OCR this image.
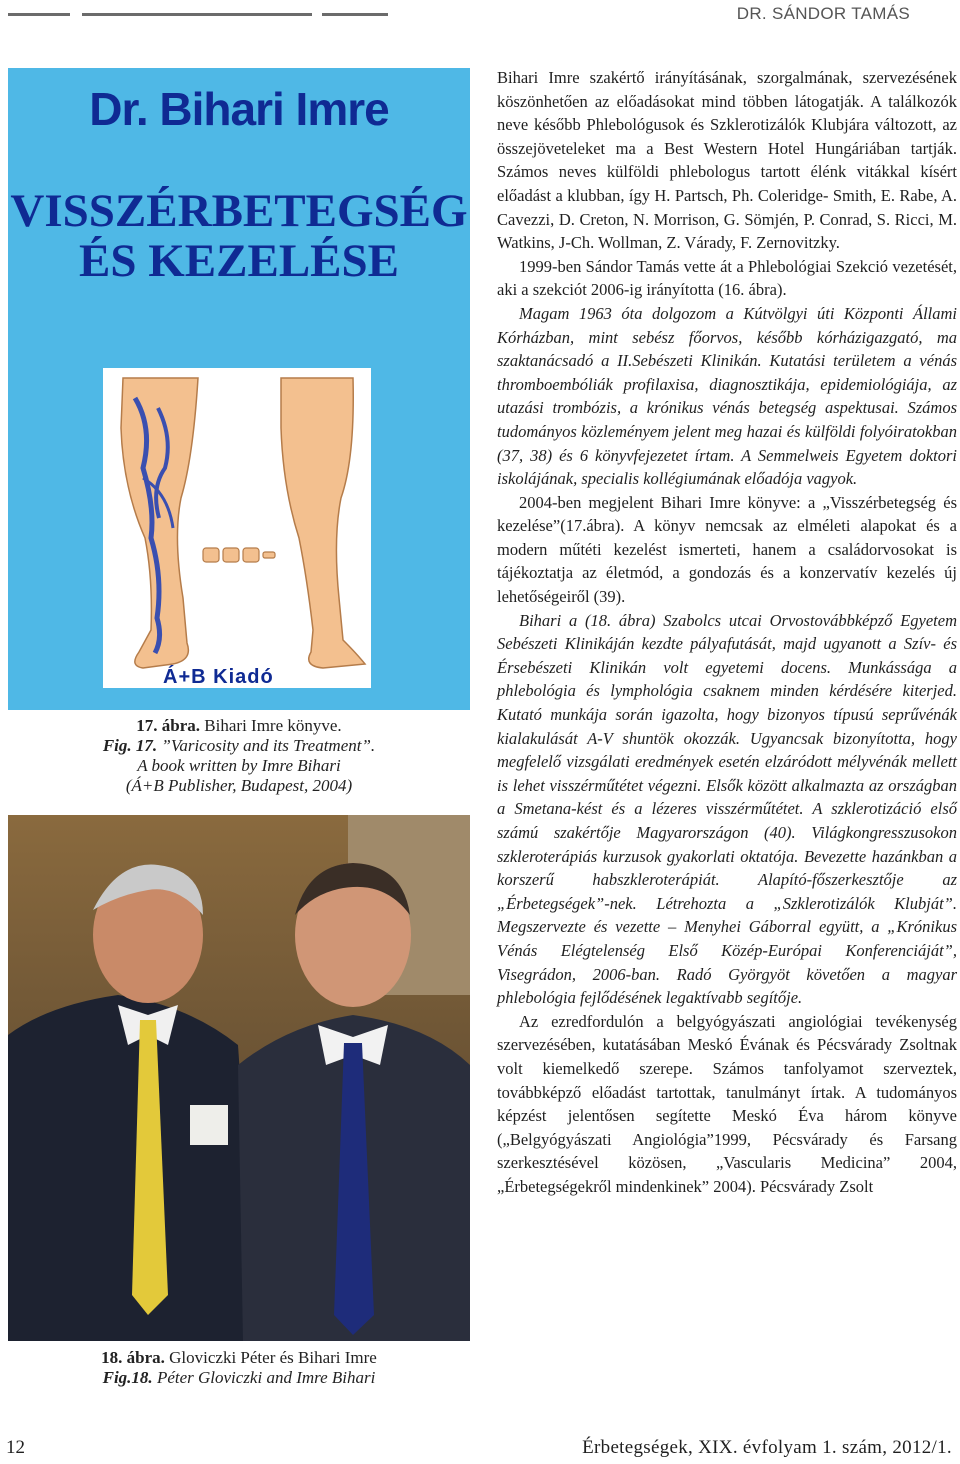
DR. SÁNDOR TAMÁS
Dr. Bihari Imre
VISSZÉRBETEGSÉG
ÉS KEZELÉSE
Á+B Kiadó
17. ábra. Bihari Imre könyve.
Fig. 17. ”Varicosity and its Treatment”.
A book written by Imre Bihari
(Á+B Publisher, Budapest, 2004)
18. ábra. Gloviczki Péter és Bihari Imre
Fig.18. Péter Gloviczki and Imre Bihari

Bihari Imre szakértő irányításának, szorgalmának, szervezésének köszönhetően az előadásokat mind többen látogatják. A találkozók neve később Phlebológusok és Szklerotizálók Klubjára változott, az összejöveteleket ma a Best Western Hotel Hungáriában tartják. Számos neves külföldi phlebologus tartott élénk vitákkal kísért előadást a klubban, így H. Partsch, Ph. Coleridge- Smith, E. Rabe, A. Cavezzi, D. Creton, N. Morrison, G. Sömjén, P. Conrad, S. Ricci, M. Watkins, J-Ch. Wollman, Z. Várady, F. Zernovitzky.

1999-ben Sándor Tamás vette át a Phlebológiai Szekció vezetését, aki a szekciót 2006-ig irányította (16. ábra).

Magam 1963 óta dolgozom a Kútvölgyi úti Központi Állami Kórházban, mint sebész főorvos, később kórházigazgató, ma szaktanácsadó a II.Sebészeti Klinikán. Kutatási területem a vénás thromboembóliák profilaxisa, diagnosztikája, epidemiológiája, az utazási trombózis, a krónikus vénás betegség aspektusai. Számos tudományos közleményem jelent meg hazai és külföldi folyóiratokban (37, 38) és 6 könyvfejezetet írtam. A Semmelweis Egyetem doktori iskolájának, specialis kollégiumának előadója vagyok.

2004-ben megjelent Bihari Imre könyve: a „Visszérbetegség és kezelése”(17.ábra). A könyv nemcsak az elméleti alapokat és a modern műtéti kezelést ismerteti, hanem a családorvosokat is tájékoztatja az életmód, a gondozás és a konzervatív kezelés új lehetőségeiről (39).

Bihari a (18. ábra) Szabolcs utcai Orvostovábbképző Egyetem Sebészeti Klinikáján kezdte pályafutását, majd ugyanott a Szív- és Érsebészeti Klinikán volt egyetemi docens. Munkássága a phlebológia és lymphológia csaknem minden kérdésére kiterjed. Kutató munkája során igazolta, hogy bizonyos típusú seprűvénák kialakulását A-V shuntök okozzák. Ugyancsak bizonyította, hogy megfelelő vizsgálati eredmények esetén elzáródott mélyvénák mellett is lehet visszérműtétet végezni. Elsők között alkalmazta az országban a Smetana-kést és a lézeres visszérműtétet. A szklerotizáció első számú szakértője Magyarországon (40). Világkongresszusokon szkleroterápiás kurzusok gyakorlati oktatója. Bevezette hazánkban a korszerű habszkleroterápiát. Alapító-főszerkesztője az „Érbetegségek”-nek. Létrehozta a „Szklerotizálók Klubját”. Megszervezte és vezette – Menyhei Gáborral együtt, a „Krónikus Vénás Elégtelenség Első Közép-Európai Konferenciáját”, Visegrádon, 2006-ban. Radó Györgyöt követően a magyar phlebológia fejlődésének legaktívabb segítője.

Az ezredfordulón a belgyógyászati angiológiai tevékenység szervezésében, kutatásában Meskó Évának és Pécsvárady Zsoltnak volt kiemelkedő szerepe. Számos tanfolyamot szerveztek, továbbképző előadást tartottak, tanulmányt írtak. A tudományos képzést jelentősen segítette Meskó Éva három könyve („Belgyógyászati Angiológia”1999, Pécsvárady és Farsang szerkesztésével közösen, „Vascularis Medicina” 2004, „Érbetegségekről mindenkinek” 2004). Pécsvárady Zsolt

12	Érbetegségek, XIX. évfolyam 1. szám, 2012/1.
